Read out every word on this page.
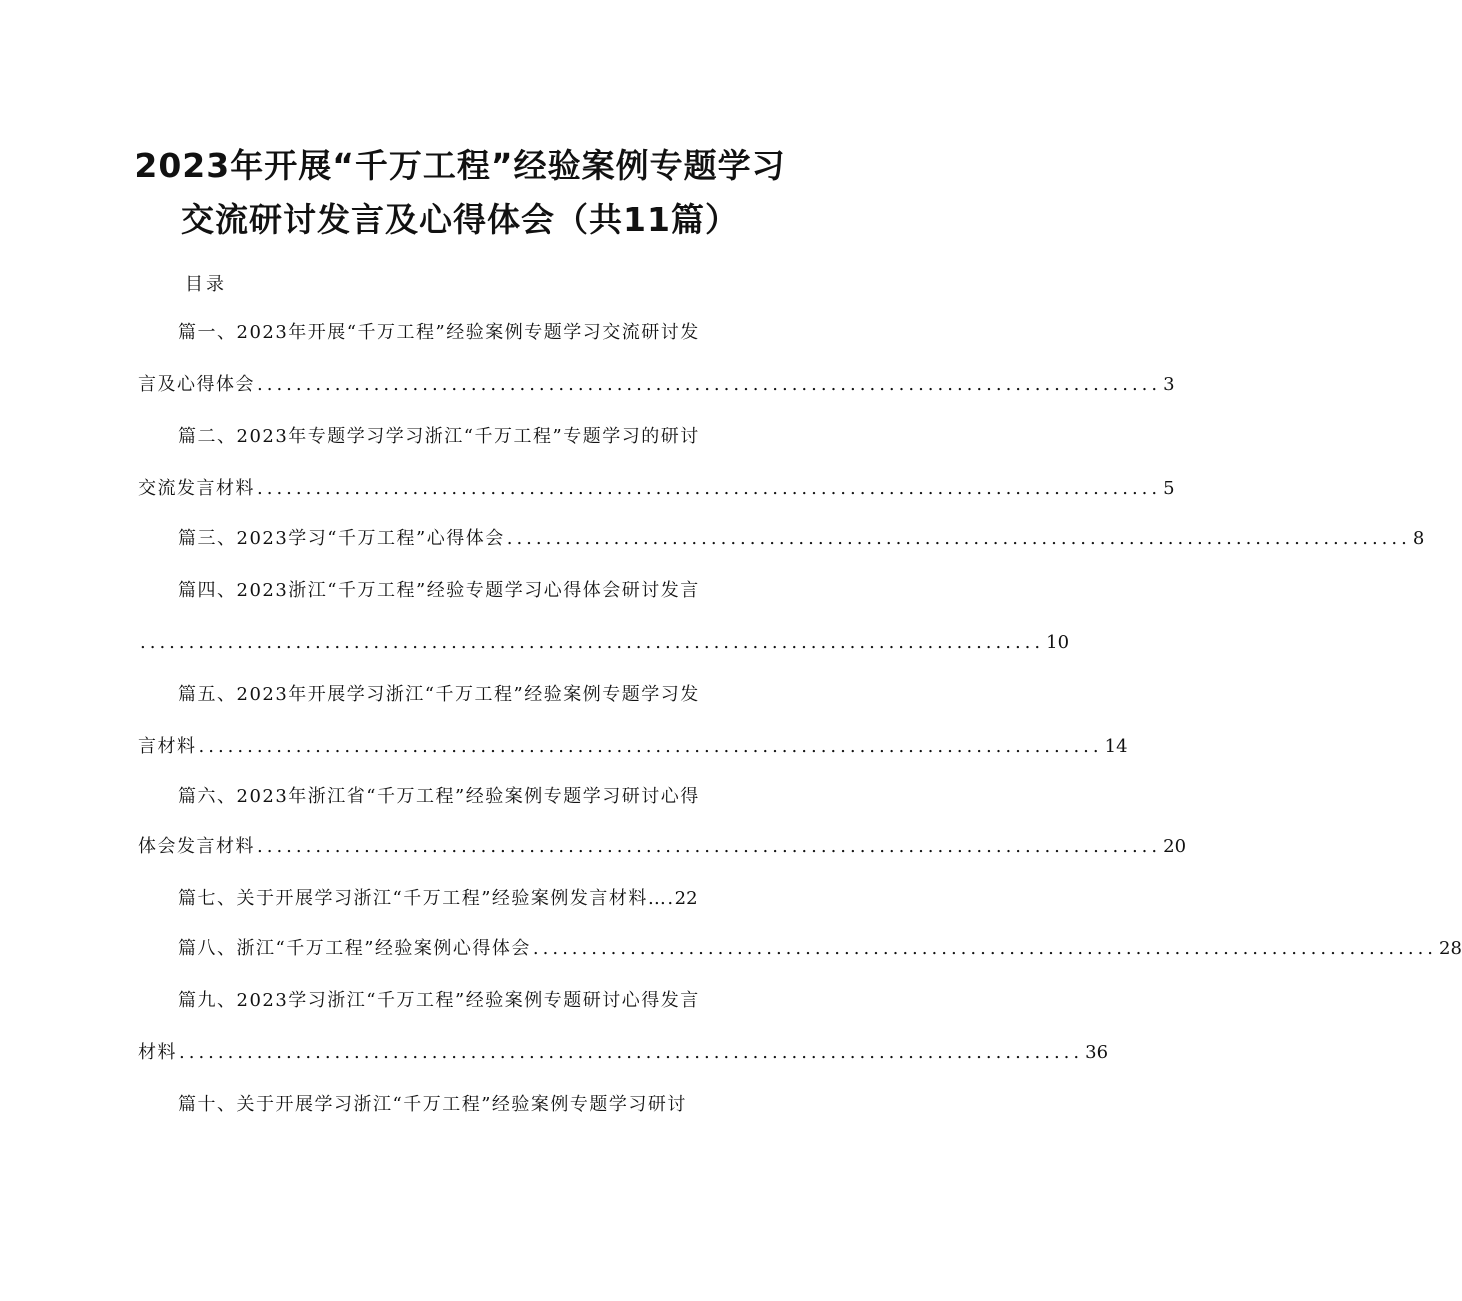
2023年开展“千万工程”经验案例专题学习
交流研讨发言及心得体会（共11篇）
目录
篇一、2023年开展“千万工程”经验案例专题学习交流研讨发
言及心得体会 ............................................................................................. 3
篇二、2023年专题学习学习浙江“千万工程”专题学习的研讨
交流发言材料 ............................................................................................. 5
篇三、2023学习“千万工程”心得体会 ............................................................................................. 8
篇四、2023浙江“千万工程”经验专题学习心得体会研讨发言
............................................................................................. 10
篇五、2023年开展学习浙江“千万工程”经验案例专题学习发
言材料 ............................................................................................. 14
篇六、2023年浙江省“千万工程”经验案例专题学习研讨心得
体会发言材料 ............................................................................................. 20
篇七、关于开展学习浙江“千万工程”经验案例发言材料…. 22
篇八、浙江“千万工程”经验案例心得体会 ............................................................................................. 28
篇九、2023学习浙江“千万工程”经验案例专题研讨心得发言
材料 ............................................................................................. 36
篇十、关于开展学习浙江“千万工程”经验案例专题学习研讨
